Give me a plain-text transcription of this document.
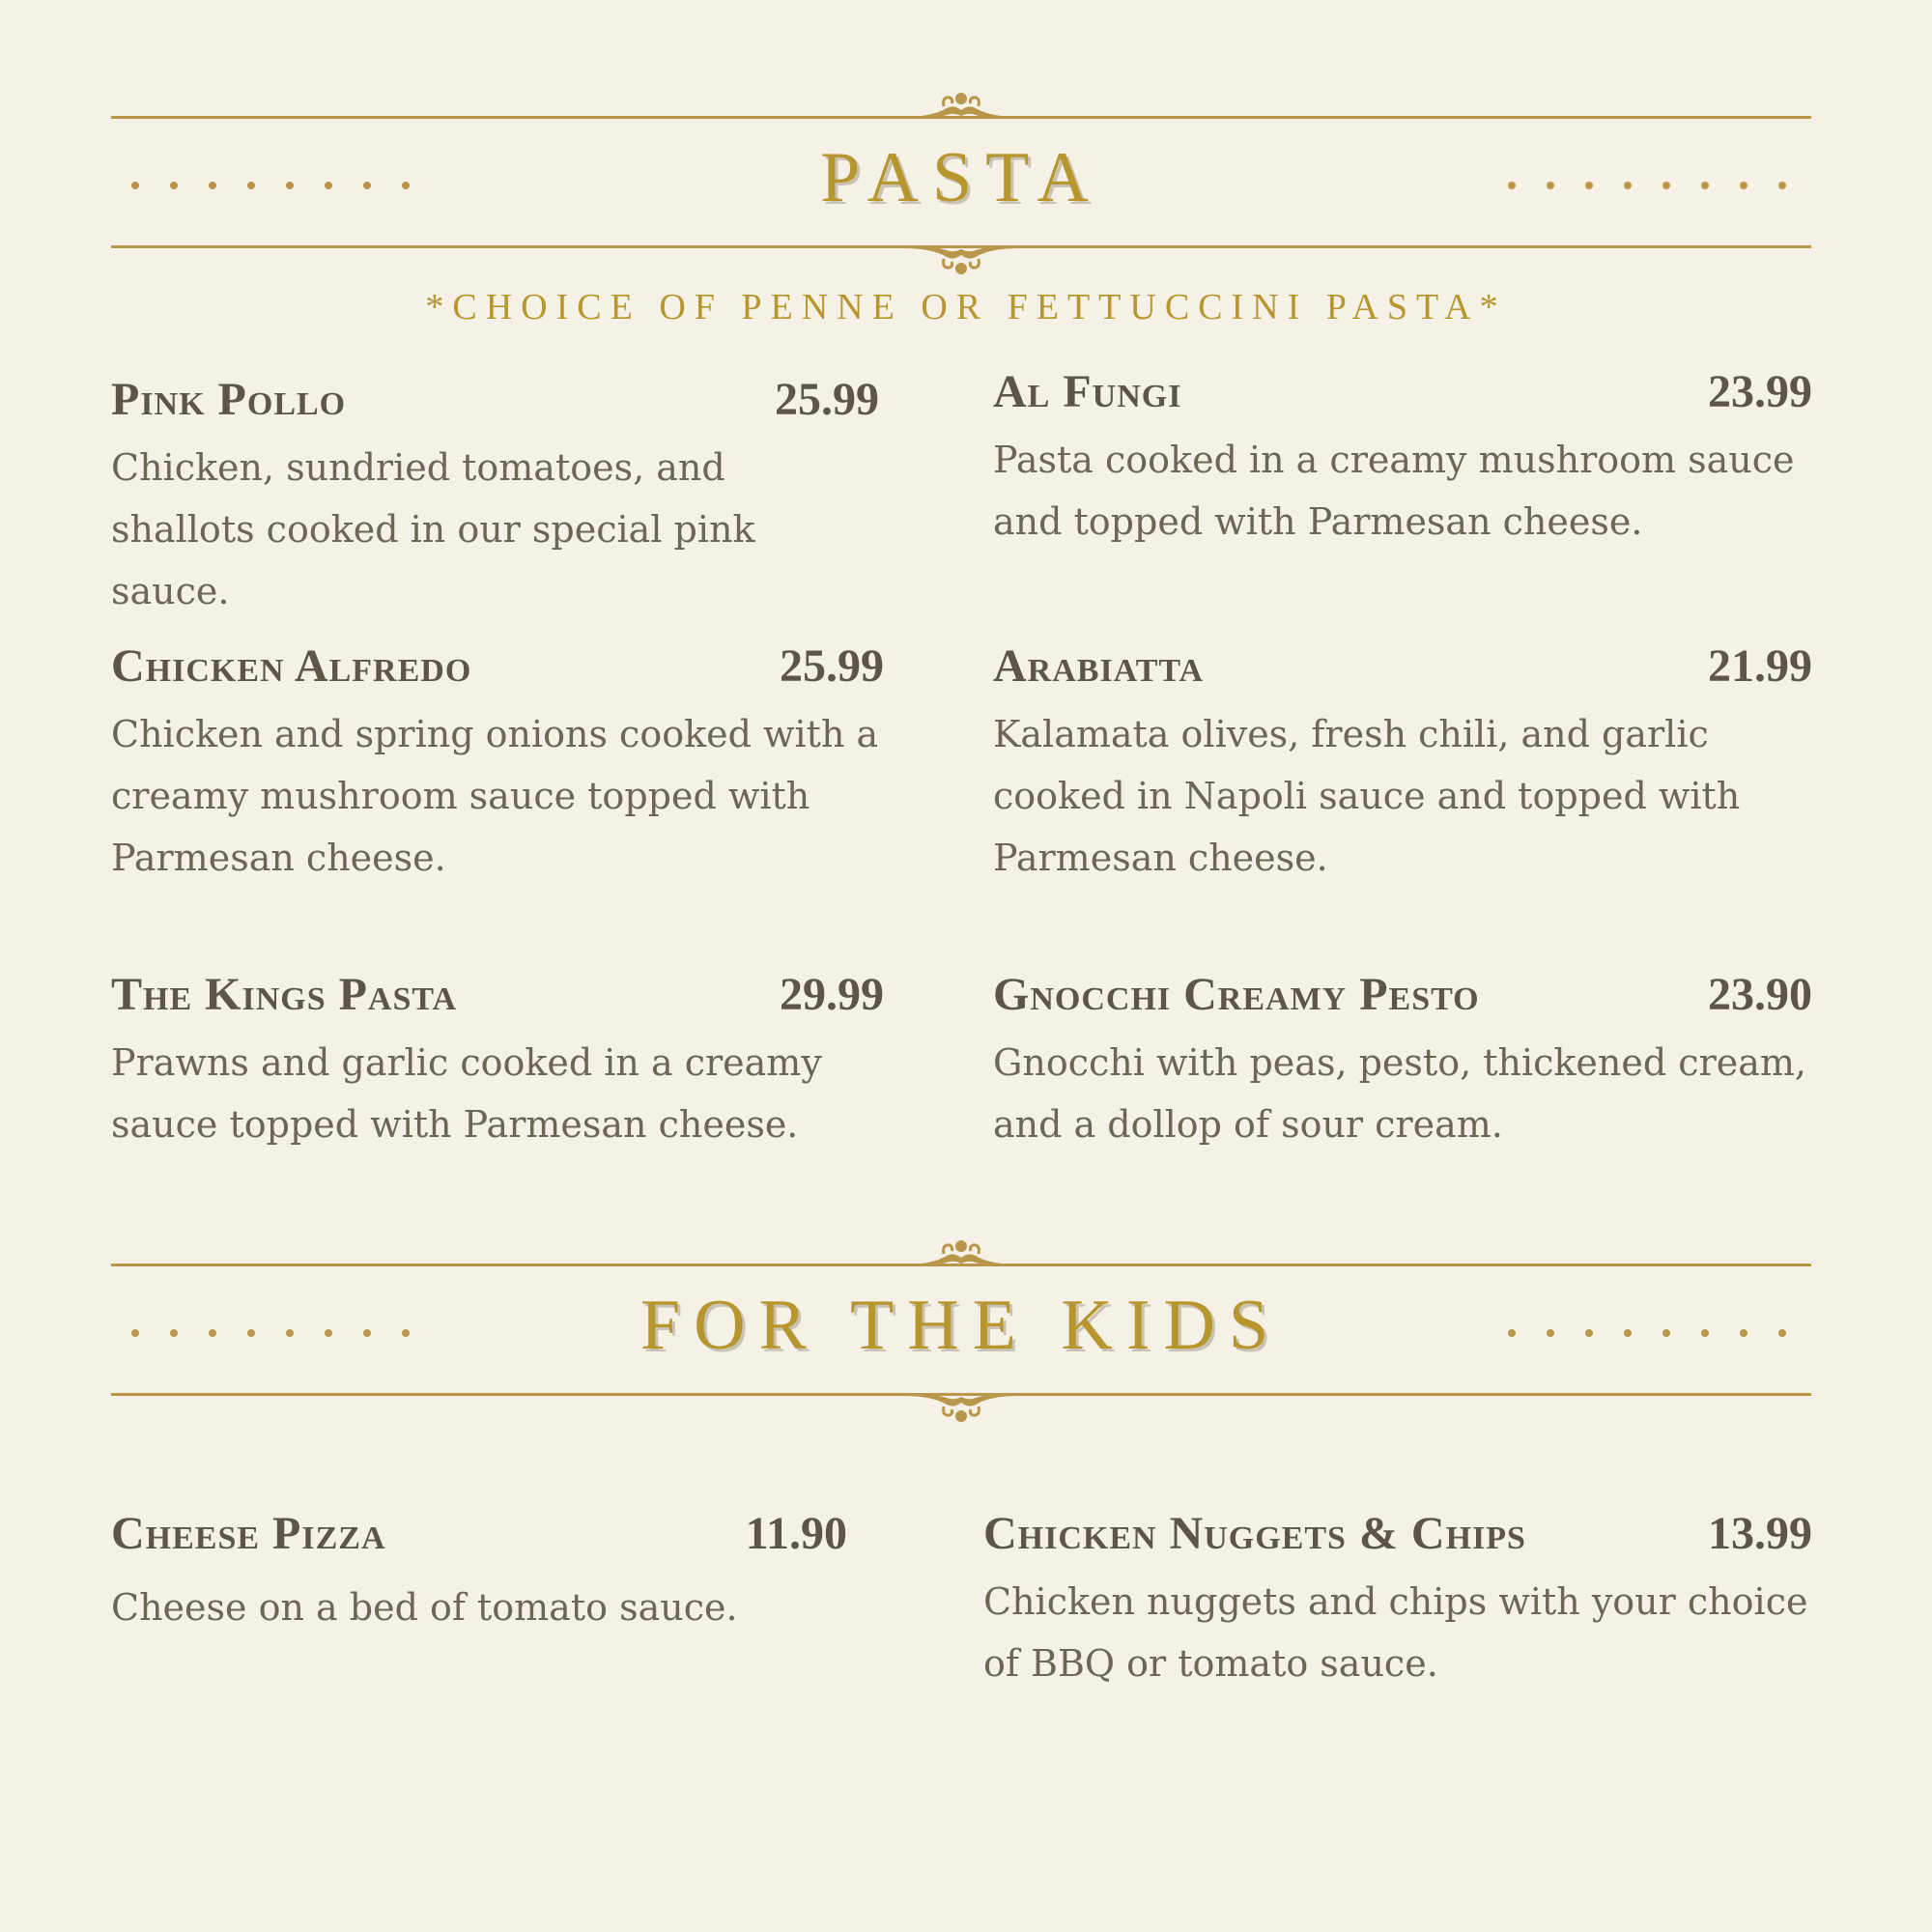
PASTA

*CHOICE OF PENNE OR FETTUCCINI PASTA*

Pink Pollo	25.99

Chicken, sundried tomatoes, and shallots cooked in our special pink sauce.

Al Fungi	23.99

Pasta cooked in a creamy mushroom sauce and topped with Parmesan cheese.

Chicken Alfredo	25.99

Chicken and spring onions cooked with a creamy mushroom sauce topped with Parmesan cheese.

Arabiatta	21.99

Kalamata olives, fresh chili, and garlic cooked in Napoli sauce and topped with Parmesan cheese.

The Kings Pasta	29.99

Prawns and garlic cooked in a creamy sauce topped with Parmesan cheese.

Gnocchi Creamy Pesto	23.90

Gnocchi with peas, pesto, thickened cream, and a dollop of sour cream.

FOR THE KIDS
Cheese Pizza	11.90

Cheese on a bed of tomato sauce.

Chicken Nuggets & Chips	13.99

Chicken nuggets and chips with your choice of BBQ or tomato sauce.
